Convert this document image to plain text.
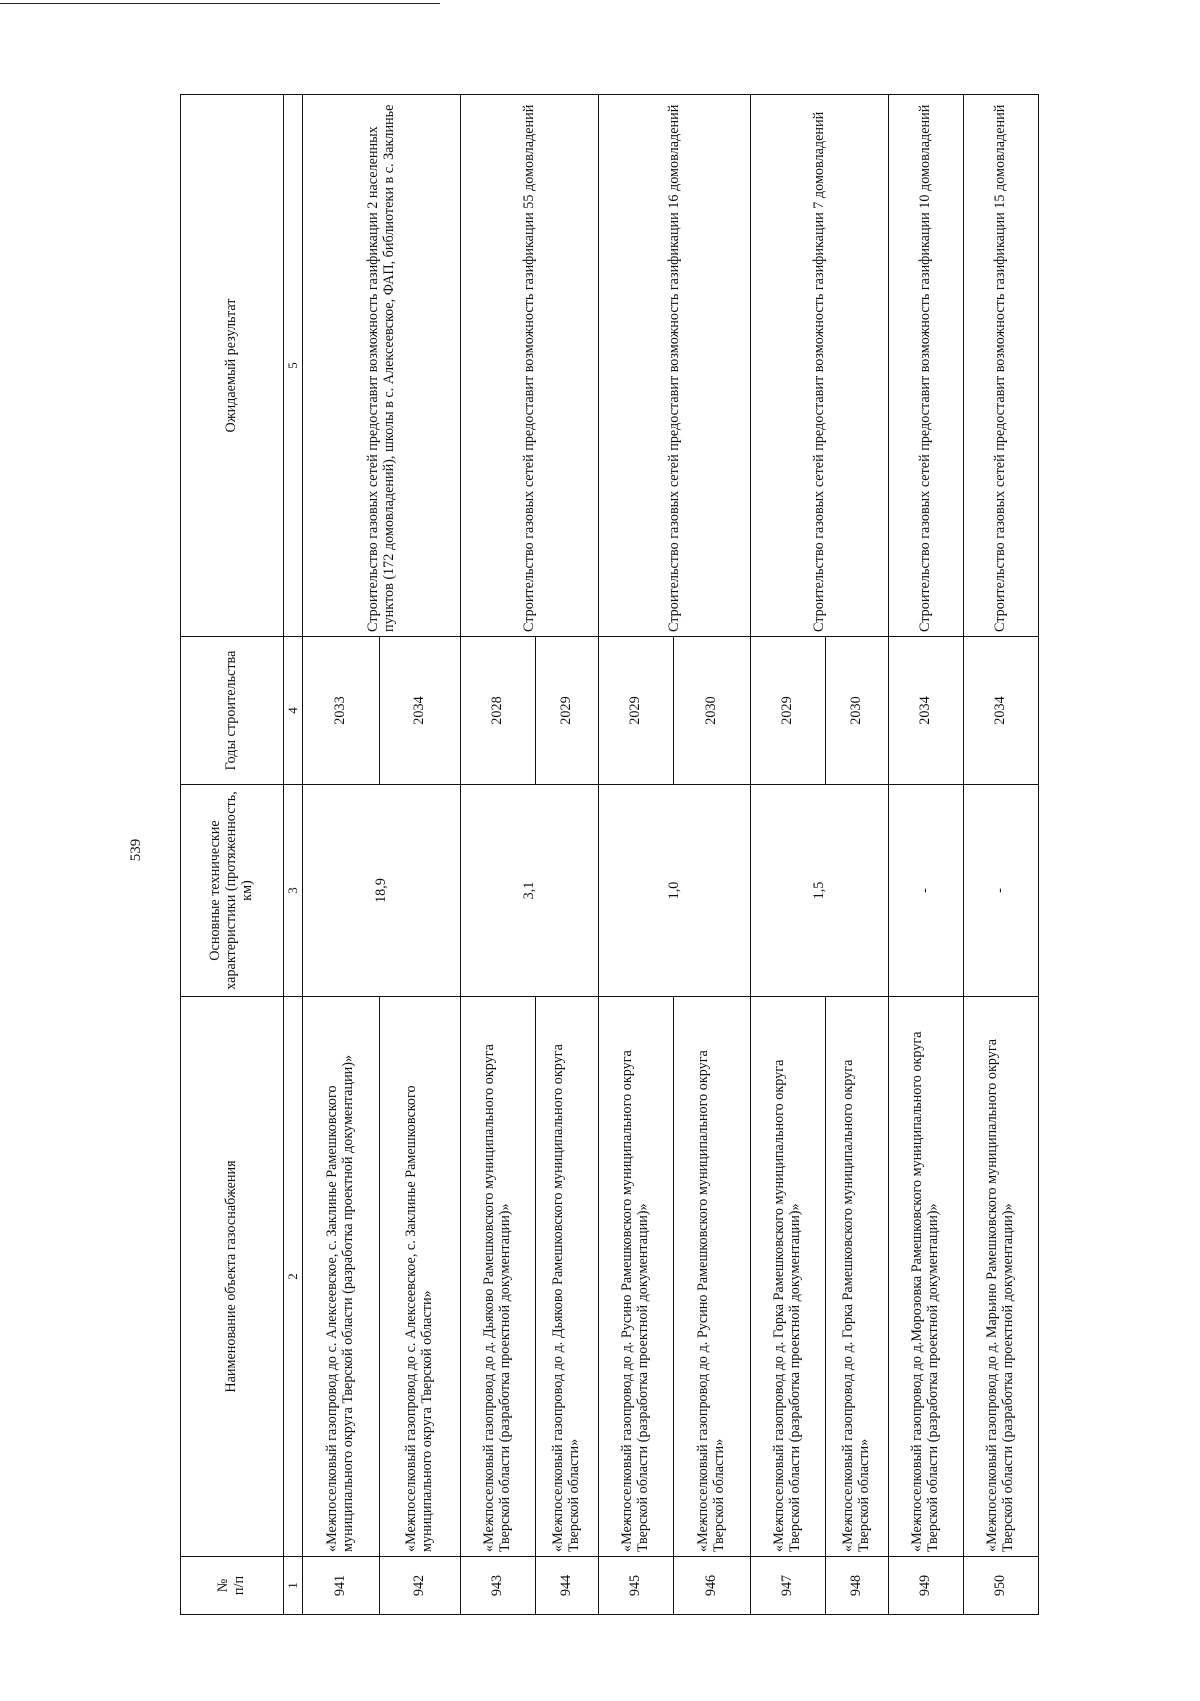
539
№
п/п	Наименование объекта газоснабжения	Основные технические характеристики (протяженность, км)	Годы строительства	Ожидаемый результат
1	2	3	4	5
941	«Межпоселковый газопровод до с. Алексеевское, с. Заклинье Рамешковского муниципального округа Тверской области (разработка проектной документации)»	18,9	2033	Строительство газовых сетей предоставит возможность газификации 2 населенных пунктов (172 домовладений), школы в с. Алексеевское, ФАП, библиотеки в с. Заклинье
942	«Межпоселковый газопровод до с. Алексеевское, с. Заклинье Рамешковского муниципального округа Тверской области»		2034	
943	«Межпоселковый газопровод до д. Дьяково Рамешковского муниципального округа Тверской области (разработка проектной документации)»	3,1	2028	Строительство газовых сетей предоставит возможность газификации 55 домовладений
944	«Межпоселковый газопровод до д. Дьяково Рамешковского муниципального округа Тверской области»		2029	
945	«Межпоселковый газопровод до д. Русино Рамешковского муниципального округа Тверской области (разработка проектной документации)»	1,0	2029	Строительство газовых сетей предоставит возможность газификации 16 домовладений
946	«Межпоселковый газопровод до д. Русино Рамешковского муниципального округа Тверской области»		2030	
947	«Межпоселковый газопровод до д. Горка Рамешковского муниципального округа Тверской области (разработка проектной документации)»	1,5	2029	Строительство газовых сетей предоставит возможность газификации 7 домовладений
948	«Межпоселковый газопровод до д. Горка Рамешковского муниципального округа Тверской области»		2030	
949	«Межпоселковый газопровод до д.Морозовка Рамешковского муниципального округа Тверской области (разработка проектной документации)»	-	2034	Строительство газовых сетей предоставит возможность газификации 10 домовладений
950	«Межпоселковый газопровод до д. Марьино Рамешковского муниципального округа Тверской области (разработка проектной документации)»	-	2034	Строительство газовых сетей предоставит возможность газификации 15 домовладений
